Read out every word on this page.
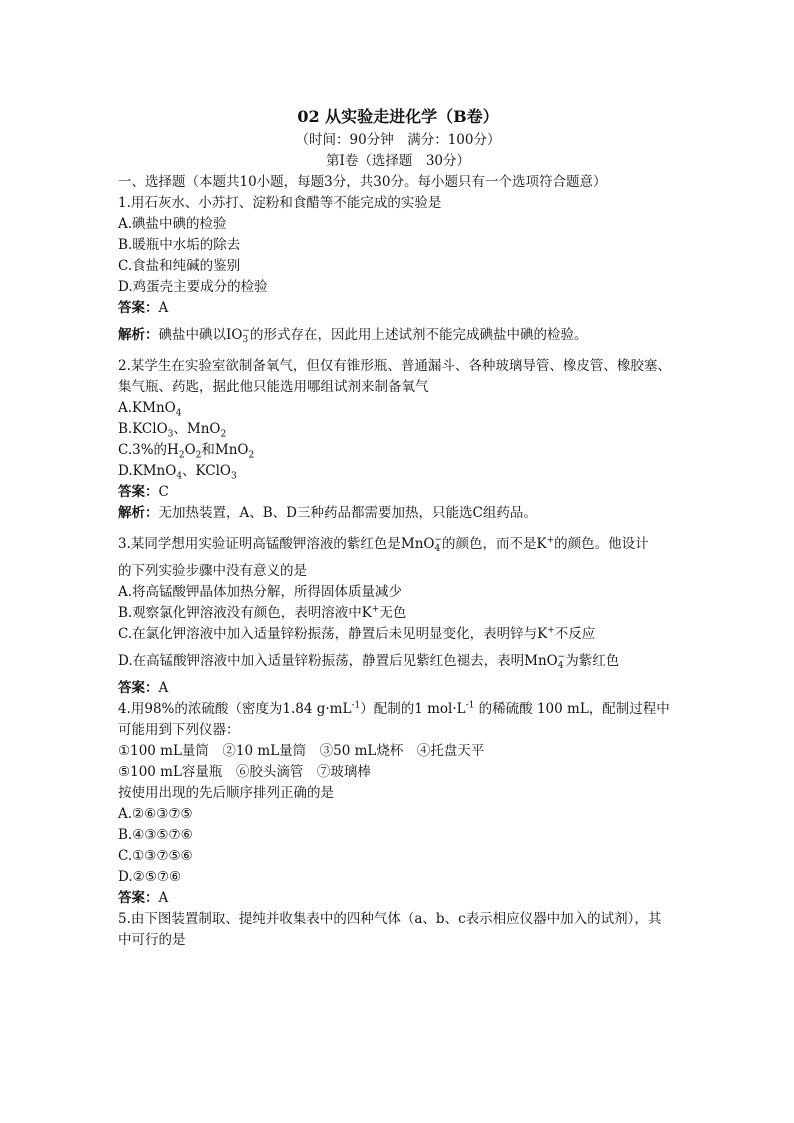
02 从实验走进化学（B卷）
（时间：90分钟　满分：100分）
第Ⅰ卷（选择题　30分）
一、选择题（本题共10小题，每题3分，共30分。每小题只有一个选项符合题意）
1.用石灰水、小苏打、淀粉和食醋等不能完成的实验是
A.碘盐中碘的检验
B.暖瓶中水垢的除去
C.食盐和纯碱的鉴别
D.鸡蛋壳主要成分的检验
答案：A
解析：碘盐中碘以IO−
3 的形式存在，因此用上述试剂不能完成碘盐中碘的检验。
2.某学生在实验室欲制备氧气，但仅有锥形瓶、普通漏斗、各种玻璃导管、橡皮管、橡胶塞、
集气瓶、药匙，据此他只能选用哪组试剂来制备氧气
A.KMnO$_4$
B.KClO$_3$、MnO$_2$
C.3%的$H_2O_2$和MnO$_2$
D.KMnO$_4$、KClO$_3$
答案：C
解析：无加热装置，A、B、D三种药品都需要加热，只能选C组药品。
3.某同学想用实验证明高锰酸钾溶液的紫红色是MnO−
4 的颜色，而不是K+的颜色。他设计
的下列实验步骤中没有意义的是
A.将高锰酸钾晶体加热分解，所得固体质量减少
B.观察氯化钾溶液没有颜色，表明溶液中K+无色
C.在氯化钾溶液中加入适量锌粉振荡，静置后未见明显变化，表明锌与K+不反应
D.在高锰酸钾溶液中加入适量锌粉振荡，静置后见紫红色褪去，表明MnO−
4 为紫红色
答案：A
4.用98%的浓硫酸（密度为1.84 $g\cdot mL^{-1}$）配制的1 $mol\cdot L^{-1}$ 的稀硫酸 100 mL，配制过程中
可能用到下列仪器：
①100 mL量筒　②10 mL量筒　③50 mL烧杯　④托盘天平
⑤100 mL容量瓶　⑥胶头滴管　⑦玻璃棒
按使用出现的先后顺序排列正确的是
A.②⑥③⑦⑤
B.④③⑤⑦⑥
C.①③⑦⑤⑥
D.②⑤⑦⑥
答案：A
5.由下图装置制取、提纯并收集表中的四种气体（a、b、c表示相应仪器中加入的试剂），其
中可行的是
